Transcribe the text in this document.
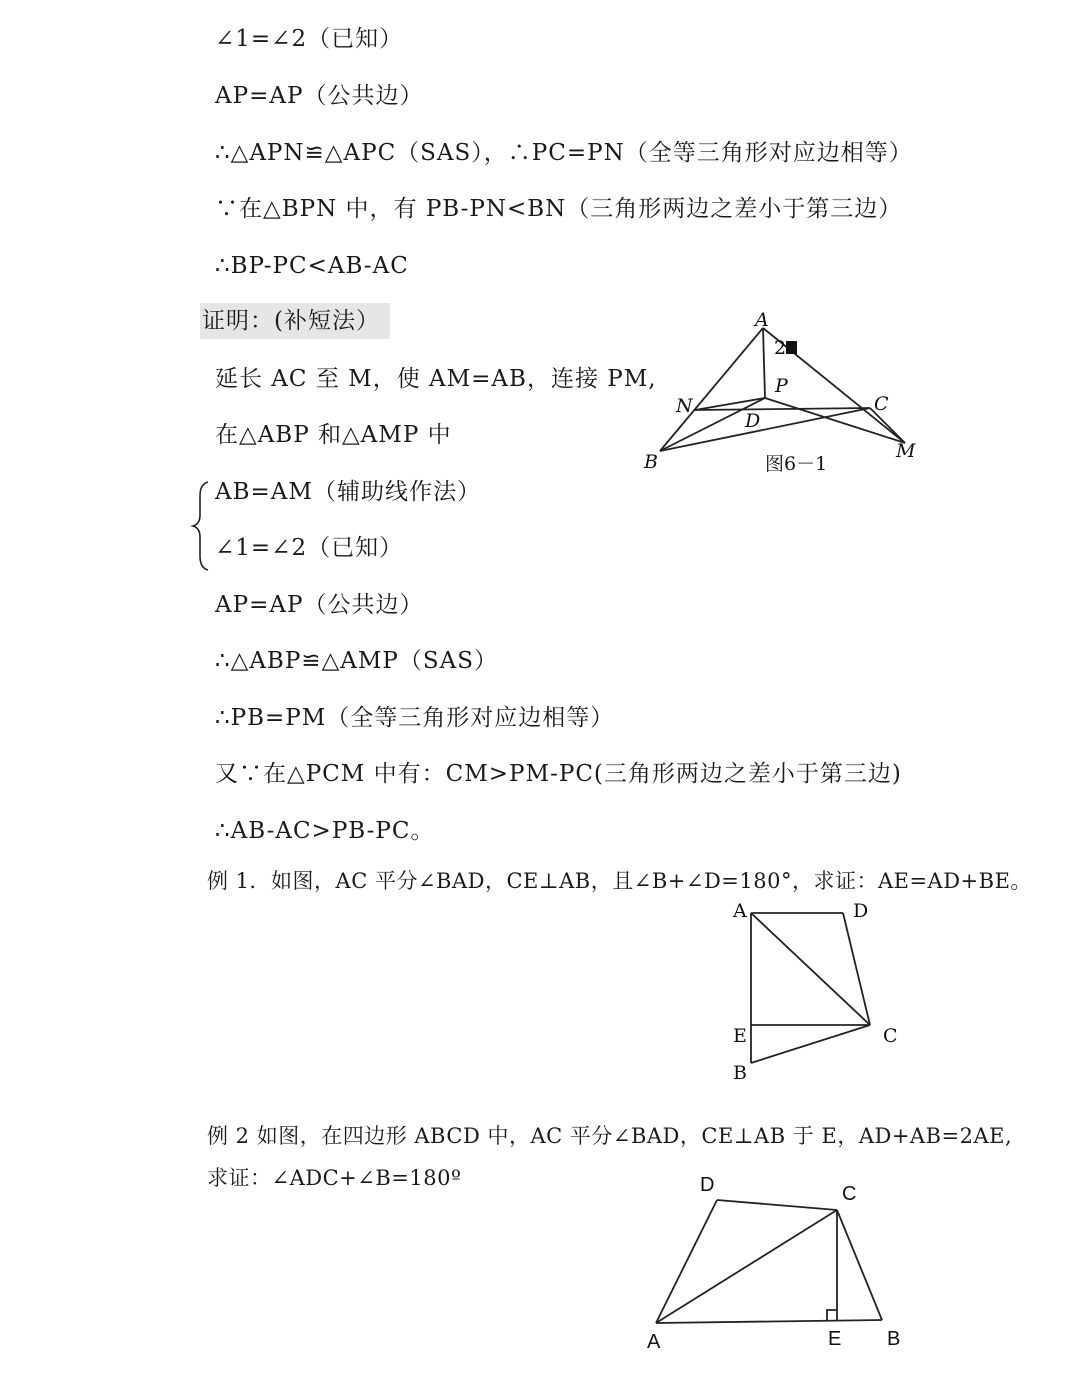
∠1=∠2（已知）
AP=AP（公共边）
∴△APN≌△APC（SAS），∴PC=PN（全等三角形对应边相等）
∵在△BPN 中，有 PB-PN<BN（三角形两边之差小于第三边）
∴BP-PC<AB-AC
证明：(补短法）
延长 AC 至 M，使 AM=AB，连接 PM,
在△ABP 和△AMP 中
AB=AM（辅助线作法）
∠1=∠2（已知）
AP=AP（公共边）
∴△ABP≌△AMP（SAS）
∴PB=PM（全等三角形对应边相等）
又∵在△PCM 中有：CM>PM-PC(三角形两边之差小于第三边)
∴AB-AC>PB-PC。
例 1．如图，AC 平分∠BAD，CE⊥AB，且∠B+∠D=180°，求证：AE=AD+BE。
例 2 如图，在四边形 ABCD 中，AC 平分∠BAD，CE⊥AB 于 E，AD+AB=2AE,
求证：∠ADC+∠B=180º
A
2
P
N	C
D
B	M
图6－1
A	D
E	C
B
D	C
A	E B
